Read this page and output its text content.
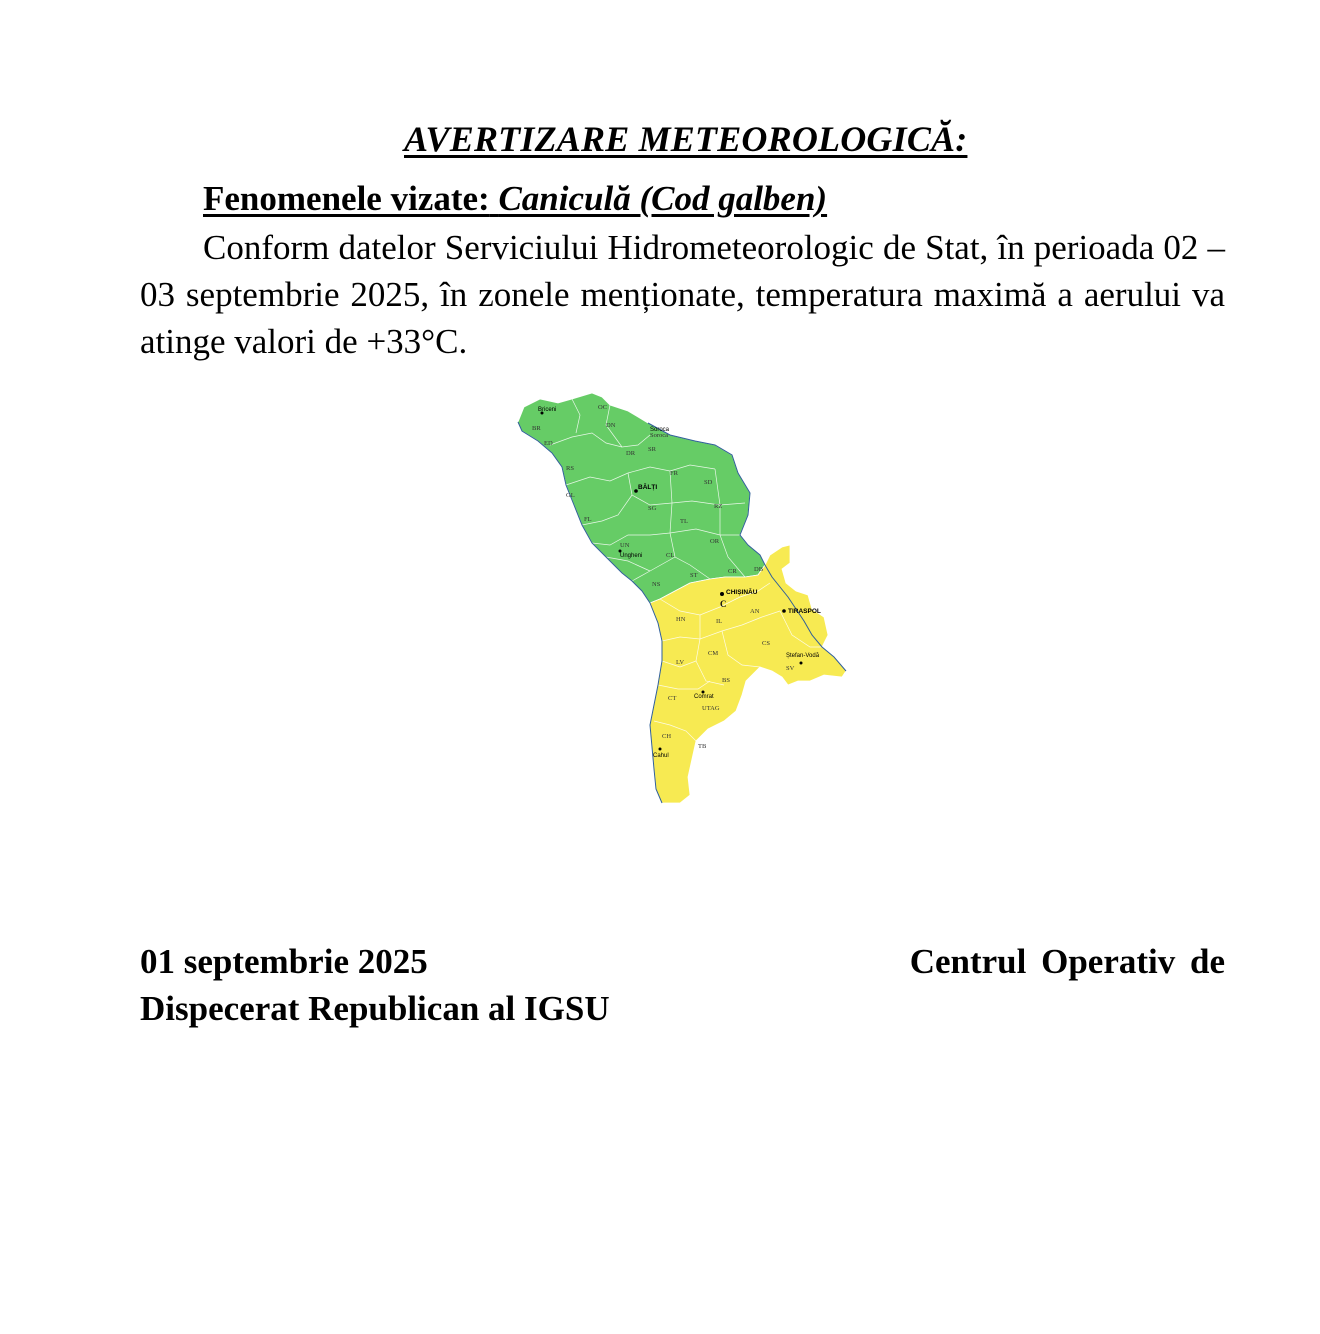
AVERTIZARE METEOROLOGICĂ:
Fenomenele vizate: Caniculă (Cod galben)
Conform datelor Serviciului Hidrometeorologic de Stat, în perioada 02 – 03 septembrie 2025, în zonele menționate, temperatura maximă a aerului va atinge valori de +33°C.
OC
BR
ED
DN
Soroca
SR
DR
RS
FR
SD
GL
FL
SG
TL
RZ
UN
OR
CL
NS
ST
CR	DB
HN	IL
AN
CS
LV
CM
BS
CT
UTAG
CH
TB
C
SV
Briceni
Soroca
BĂLȚI
Ungheni
CHIȘINĂU
TIRASPOL
Ștefan-Vodă
Comrat
Cahul
01 septembrie 2025	Centrul Operativ de
Dispecerat Republican al IGSU
